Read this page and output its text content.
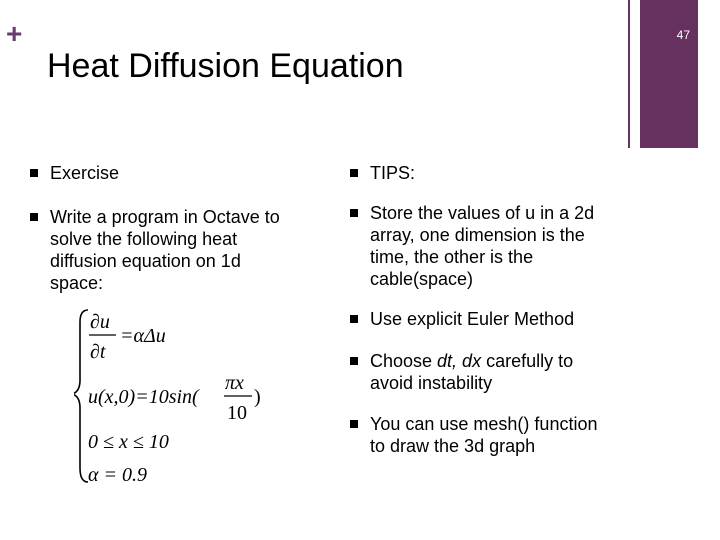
+
Heat Diffusion Equation
47
Exercise
Write a program in Octave to
solve the following heat
diffusion equation on 1d
space:
∂u
∂t
=αΔu
u(x,0)=10sin(
πx
10
)
0 ≤ x ≤ 10
α = 0.9
TIPS:
Store the values of u in a 2d
array, one dimension is the
time, the other is the
cable(space)
Use explicit Euler Method
Choose dt, dx carefully to
avoid instability
You can use mesh() function
to draw the 3d graph
